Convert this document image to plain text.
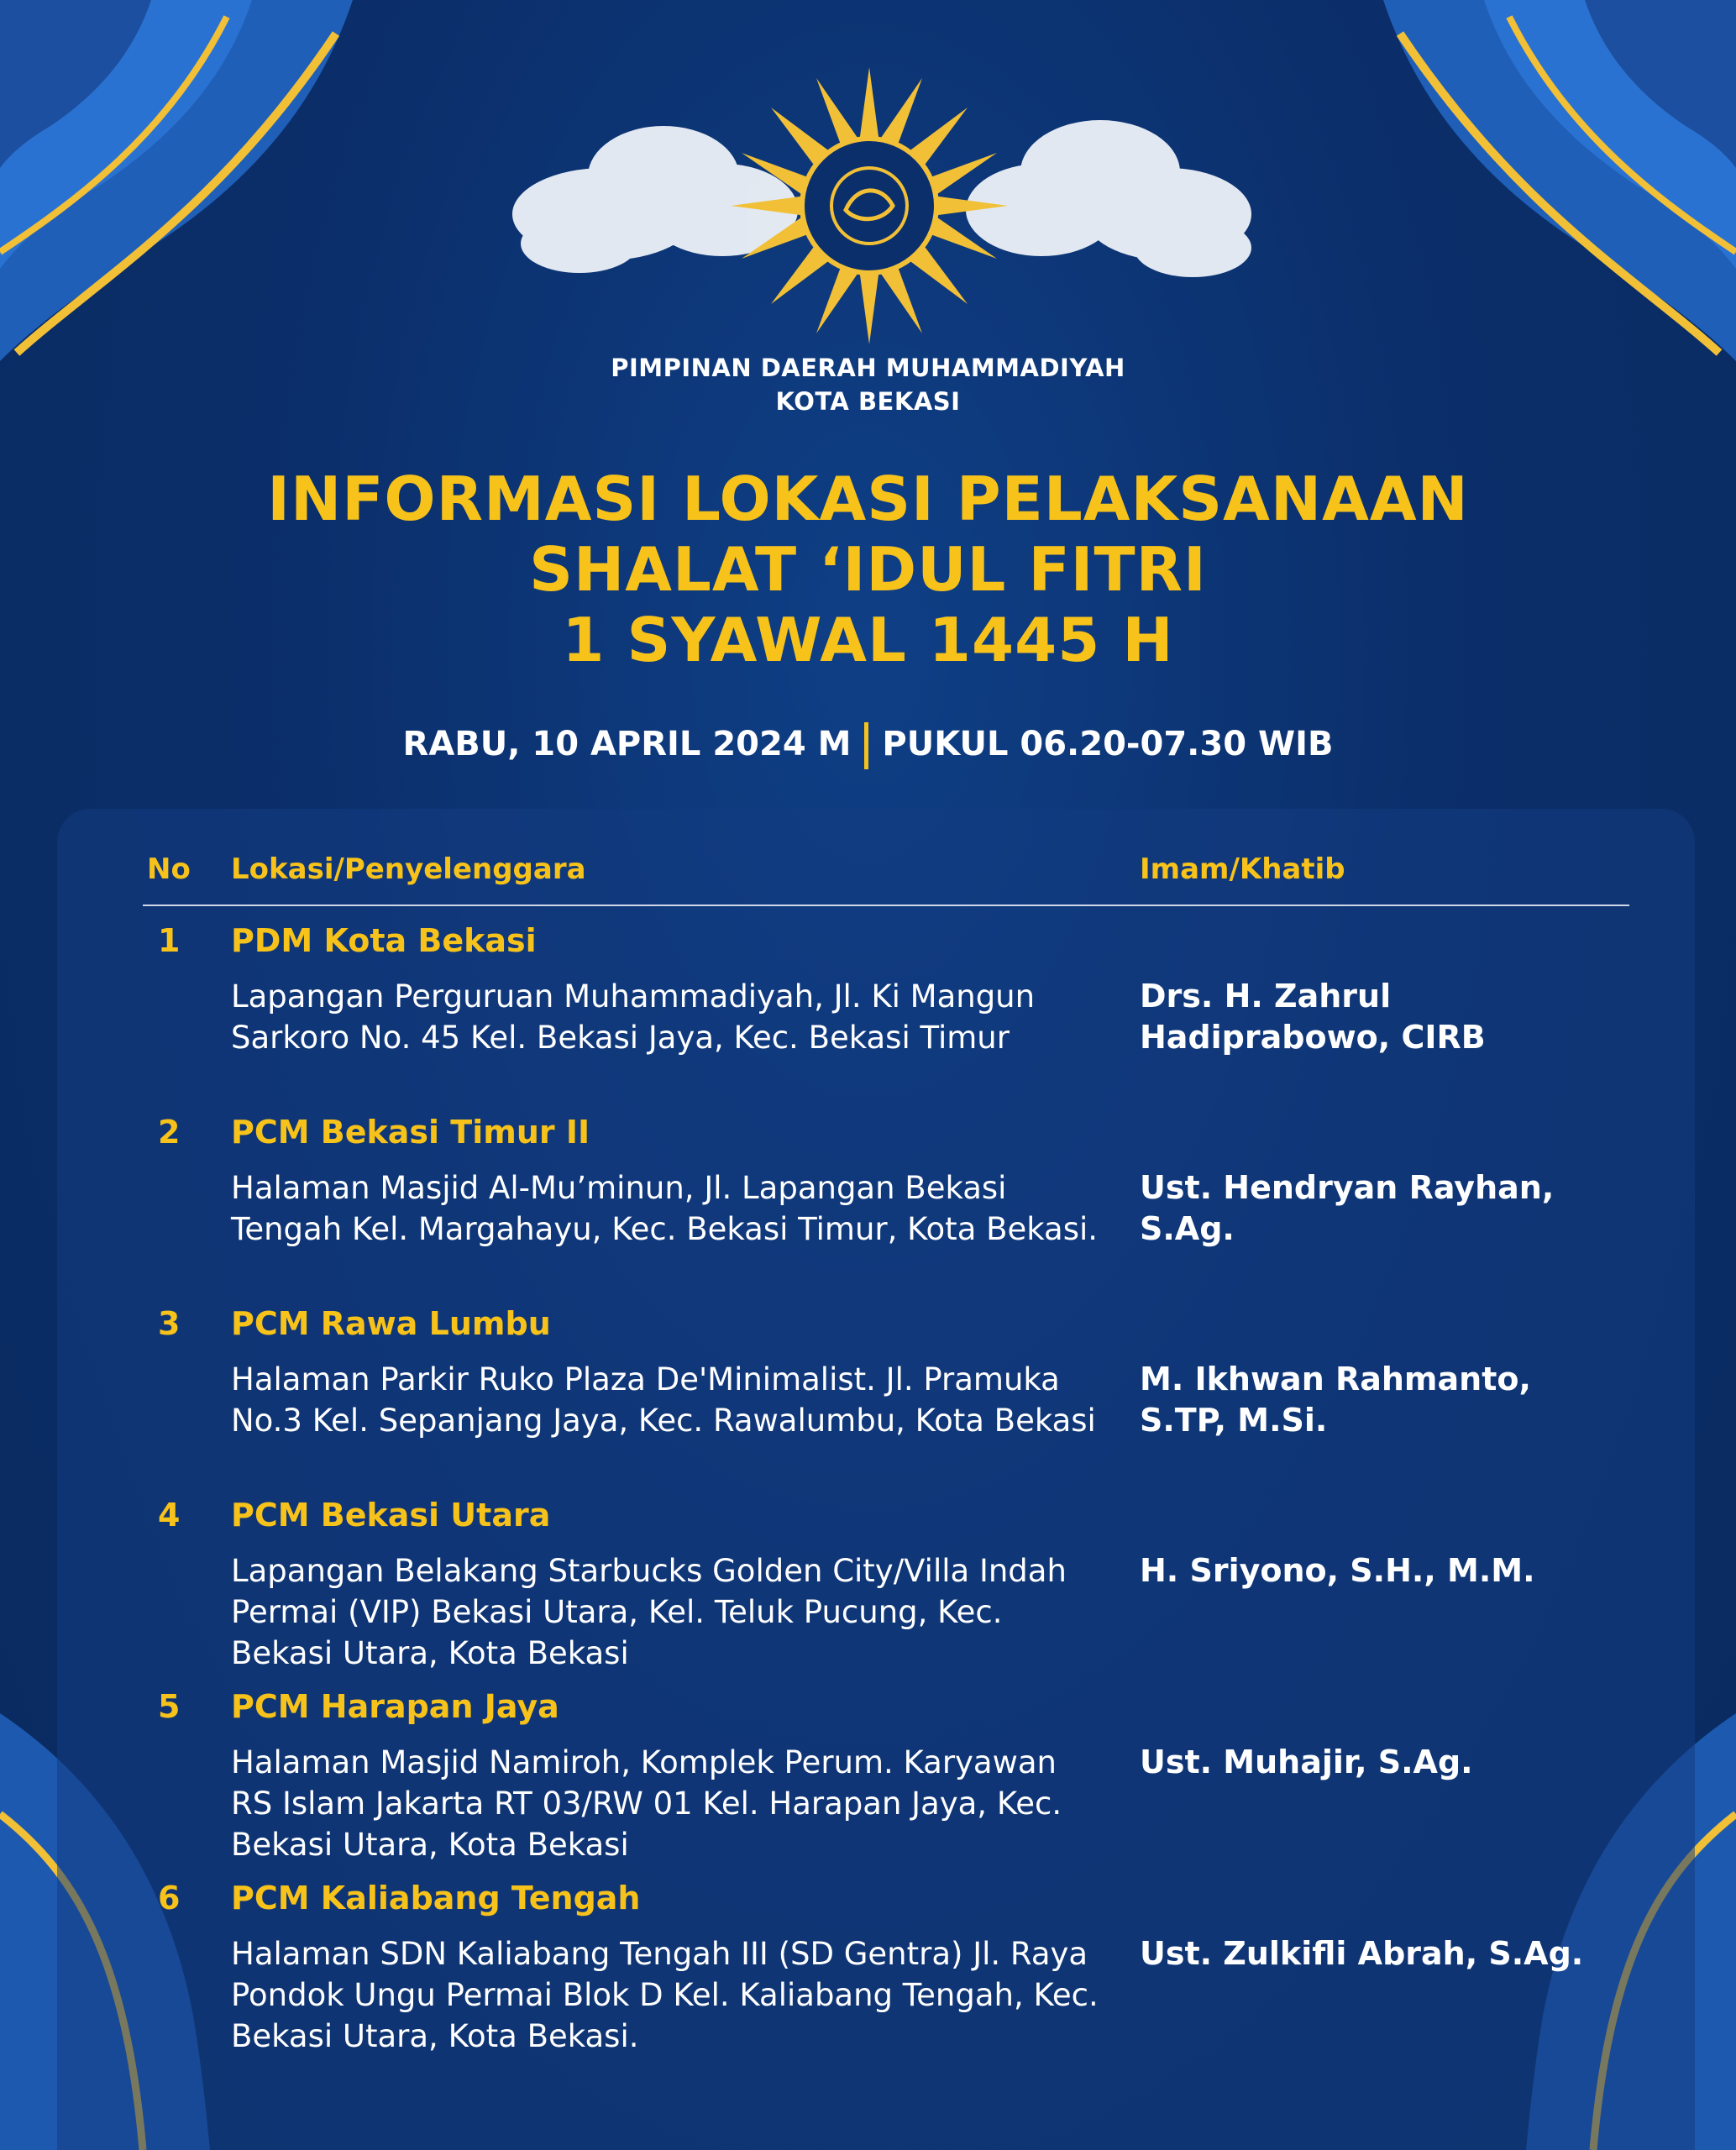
PIMPINAN DAERAH MUHAMMADIYAH
KOTA BEKASI
INFORMASI LOKASI PELAKSANAAN
SHALAT ‘IDUL FITRI
1 SYAWAL 1445 H
RABU, 10 APRIL 2024 M PUKUL 06.20-07.30 WIB
No Lokasi/Penyelenggara	Imam/Khatib
1 PDM Kota Bekasi
Lapangan Perguruan Muhammadiyah, Jl. Ki Mangun Sarkoro No. 45 Kel. Bekasi Jaya, Kec. Bekasi Timur
Drs. H. Zahrul Hadiprabowo, CIRB
2 PCM Bekasi Timur II
Halaman Masjid Al-Mu’minun, Jl. Lapangan Bekasi Tengah Kel. Margahayu, Kec. Bekasi Timur, Kota Bekasi.
Ust. Hendryan Rayhan, S.Ag.
3 PCM Rawa Lumbu
Halaman Parkir Ruko Plaza De'Minimalist. Jl. Pramuka No.3 Kel. Sepanjang Jaya, Kec. Rawalumbu, Kota Bekasi
M. Ikhwan Rahmanto, S.TP, M.Si.
4 PCM Bekasi Utara
Lapangan Belakang Starbucks Golden City/Villa Indah Permai (VIP) Bekasi Utara, Kel. Teluk Pucung, Kec. Bekasi Utara, Kota Bekasi
H. Sriyono, S.H., M.M.
5 PCM Harapan Jaya
Halaman Masjid Namiroh, Komplek Perum. Karyawan RS Islam Jakarta RT 03/RW 01 Kel. Harapan Jaya, Kec. Bekasi Utara, Kota Bekasi
Ust. Muhajir, S.Ag.
6 PCM Kaliabang Tengah
Halaman SDN Kaliabang Tengah III (SD Gentra) Jl. Raya Pondok Ungu Permai Blok D Kel. Kaliabang Tengah, Kec. Bekasi Utara, Kota Bekasi.
Ust. Zulkifli Abrah, S.Ag.
